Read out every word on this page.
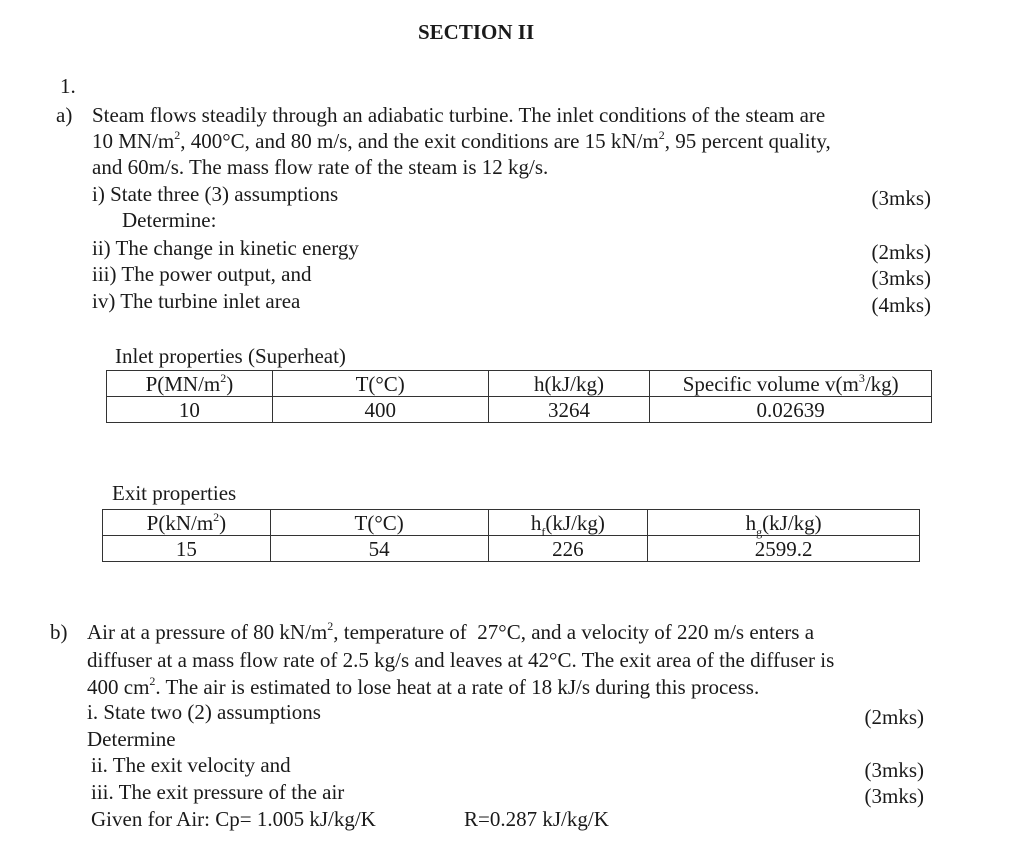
SECTION II
1.
a) Steam flows steadily through an adiabatic turbine. The inlet conditions of the steam are
10 $MN/m^2$, 400°C, and 80 m/s, and the exit conditions are 15 $kN/m^2$, 95 percent quality,
and 60m/s. The mass flow rate of the steam is 12 kg/s.
i) State three (3) assumptions	(3mks)
Determine:
ii) The change in kinetic energy	(2mks)
iii) The power output, and	(3mks)
iv) The turbine inlet area	(4mks)
Inlet properties (Superheat)
$P(MN/m^2)$	T(°C)	h(kJ/kg)	Specific volume $v(m^3/kg)$
10	400	3264	0.02639
Exit properties
$P(kN/m^2)$	T(°C)	$h_f(kJ/kg)$	$h_g(kJ/kg)$
15	54	226	2599.2
b) Air at a pressure of 80 $kN/m^2$, temperature of  27°C, and a velocity of 220 m/s enters a
diffuser at a mass flow rate of 2.5 kg/s and leaves at 42°C. The exit area of the diffuser is
400 $cm^2$. The air is estimated to lose heat at a rate of 18 kJ/s during this process.
i. State two (2) assumptions	(2mks)
Determine
ii. The exit velocity and	(3mks)
iii. The exit pressure of the air	(3mks)
Given for Air: Cp= 1.005 kJ/kg/K	R=0.287 kJ/kg/K
